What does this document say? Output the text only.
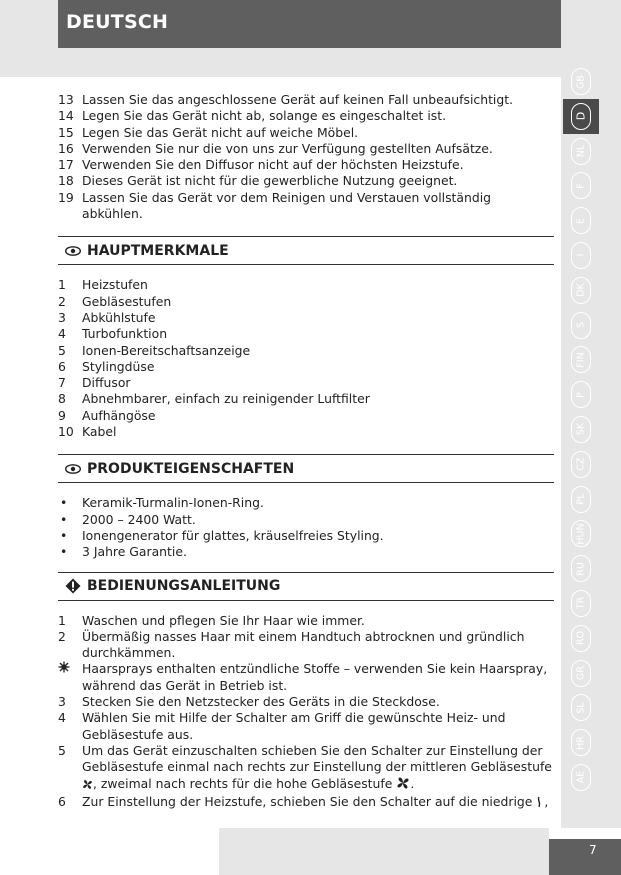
DEUTSCH
GB
D
NL
F
E
I
DK
S
FIN
P
SK
CZ
PL
HUN
RU
TR
RO
GR
SL
HR
AE
13 Lassen Sie das angeschlossene Gerät auf keinen Fall unbeaufsichtigt.
14 Legen Sie das Gerät nicht ab, solange es eingeschaltet ist.
15 Legen Sie das Gerät nicht auf weiche Möbel.
16 Verwenden Sie nur die von uns zur Verfügung gestellten Aufsätze.
17 Verwenden Sie den Diffusor nicht auf der höchsten Heizstufe.
18 Dieses Gerät ist nicht für die gewerbliche Nutzung geeignet.
19 Lassen Sie das Gerät vor dem Reinigen und Verstauen vollständig abkühlen.
HAUPTMERKMALE
1	Heizstufen
2	Gebläsestufen
3	Abkühlstufe
4	Turbofunktion
5	Ionen-Bereitschaftsanzeige
6	Stylingdüse
7	Diffusor
8	Abnehmbarer, einfach zu reinigender Luftfilter
9	Aufhängöse
10 Kabel
PRODUKTEIGENSCHAFTEN
•	Keramik-Turmalin-Ionen-Ring.
•	2000 – 2400 Watt.
•	Ionengenerator für glattes, kräuselfreies Styling.
•	3 Jahre Garantie.
BEDIENUNGSANLEITUNG
1	Waschen und pflegen Sie Ihr Haar wie immer.
2	Übermäßig nasses Haar mit einem Handtuch abtrocknen und gründlich durchkämmen.
Haarsprays enthalten entzündliche Stoffe – verwenden Sie kein Haarspray, während das Gerät in Betrieb ist.
3	Stecken Sie den Netzstecker des Geräts in die Steckdose.
4	Wählen Sie mit Hilfe der Schalter am Griff die gewünschte Heiz- und Gebläsestufe aus.
5	Um das Gerät einzuschalten schieben Sie den Schalter zur Einstellung der Gebläsestufe einmal nach rechts zur Einstellung der mittleren Gebläsestufe , zweimal nach rechts für die hohe Gebläsestufe .
6	Zur Einstellung der Heizstufe, schieben Sie den Schalter auf die niedrige ,
7
